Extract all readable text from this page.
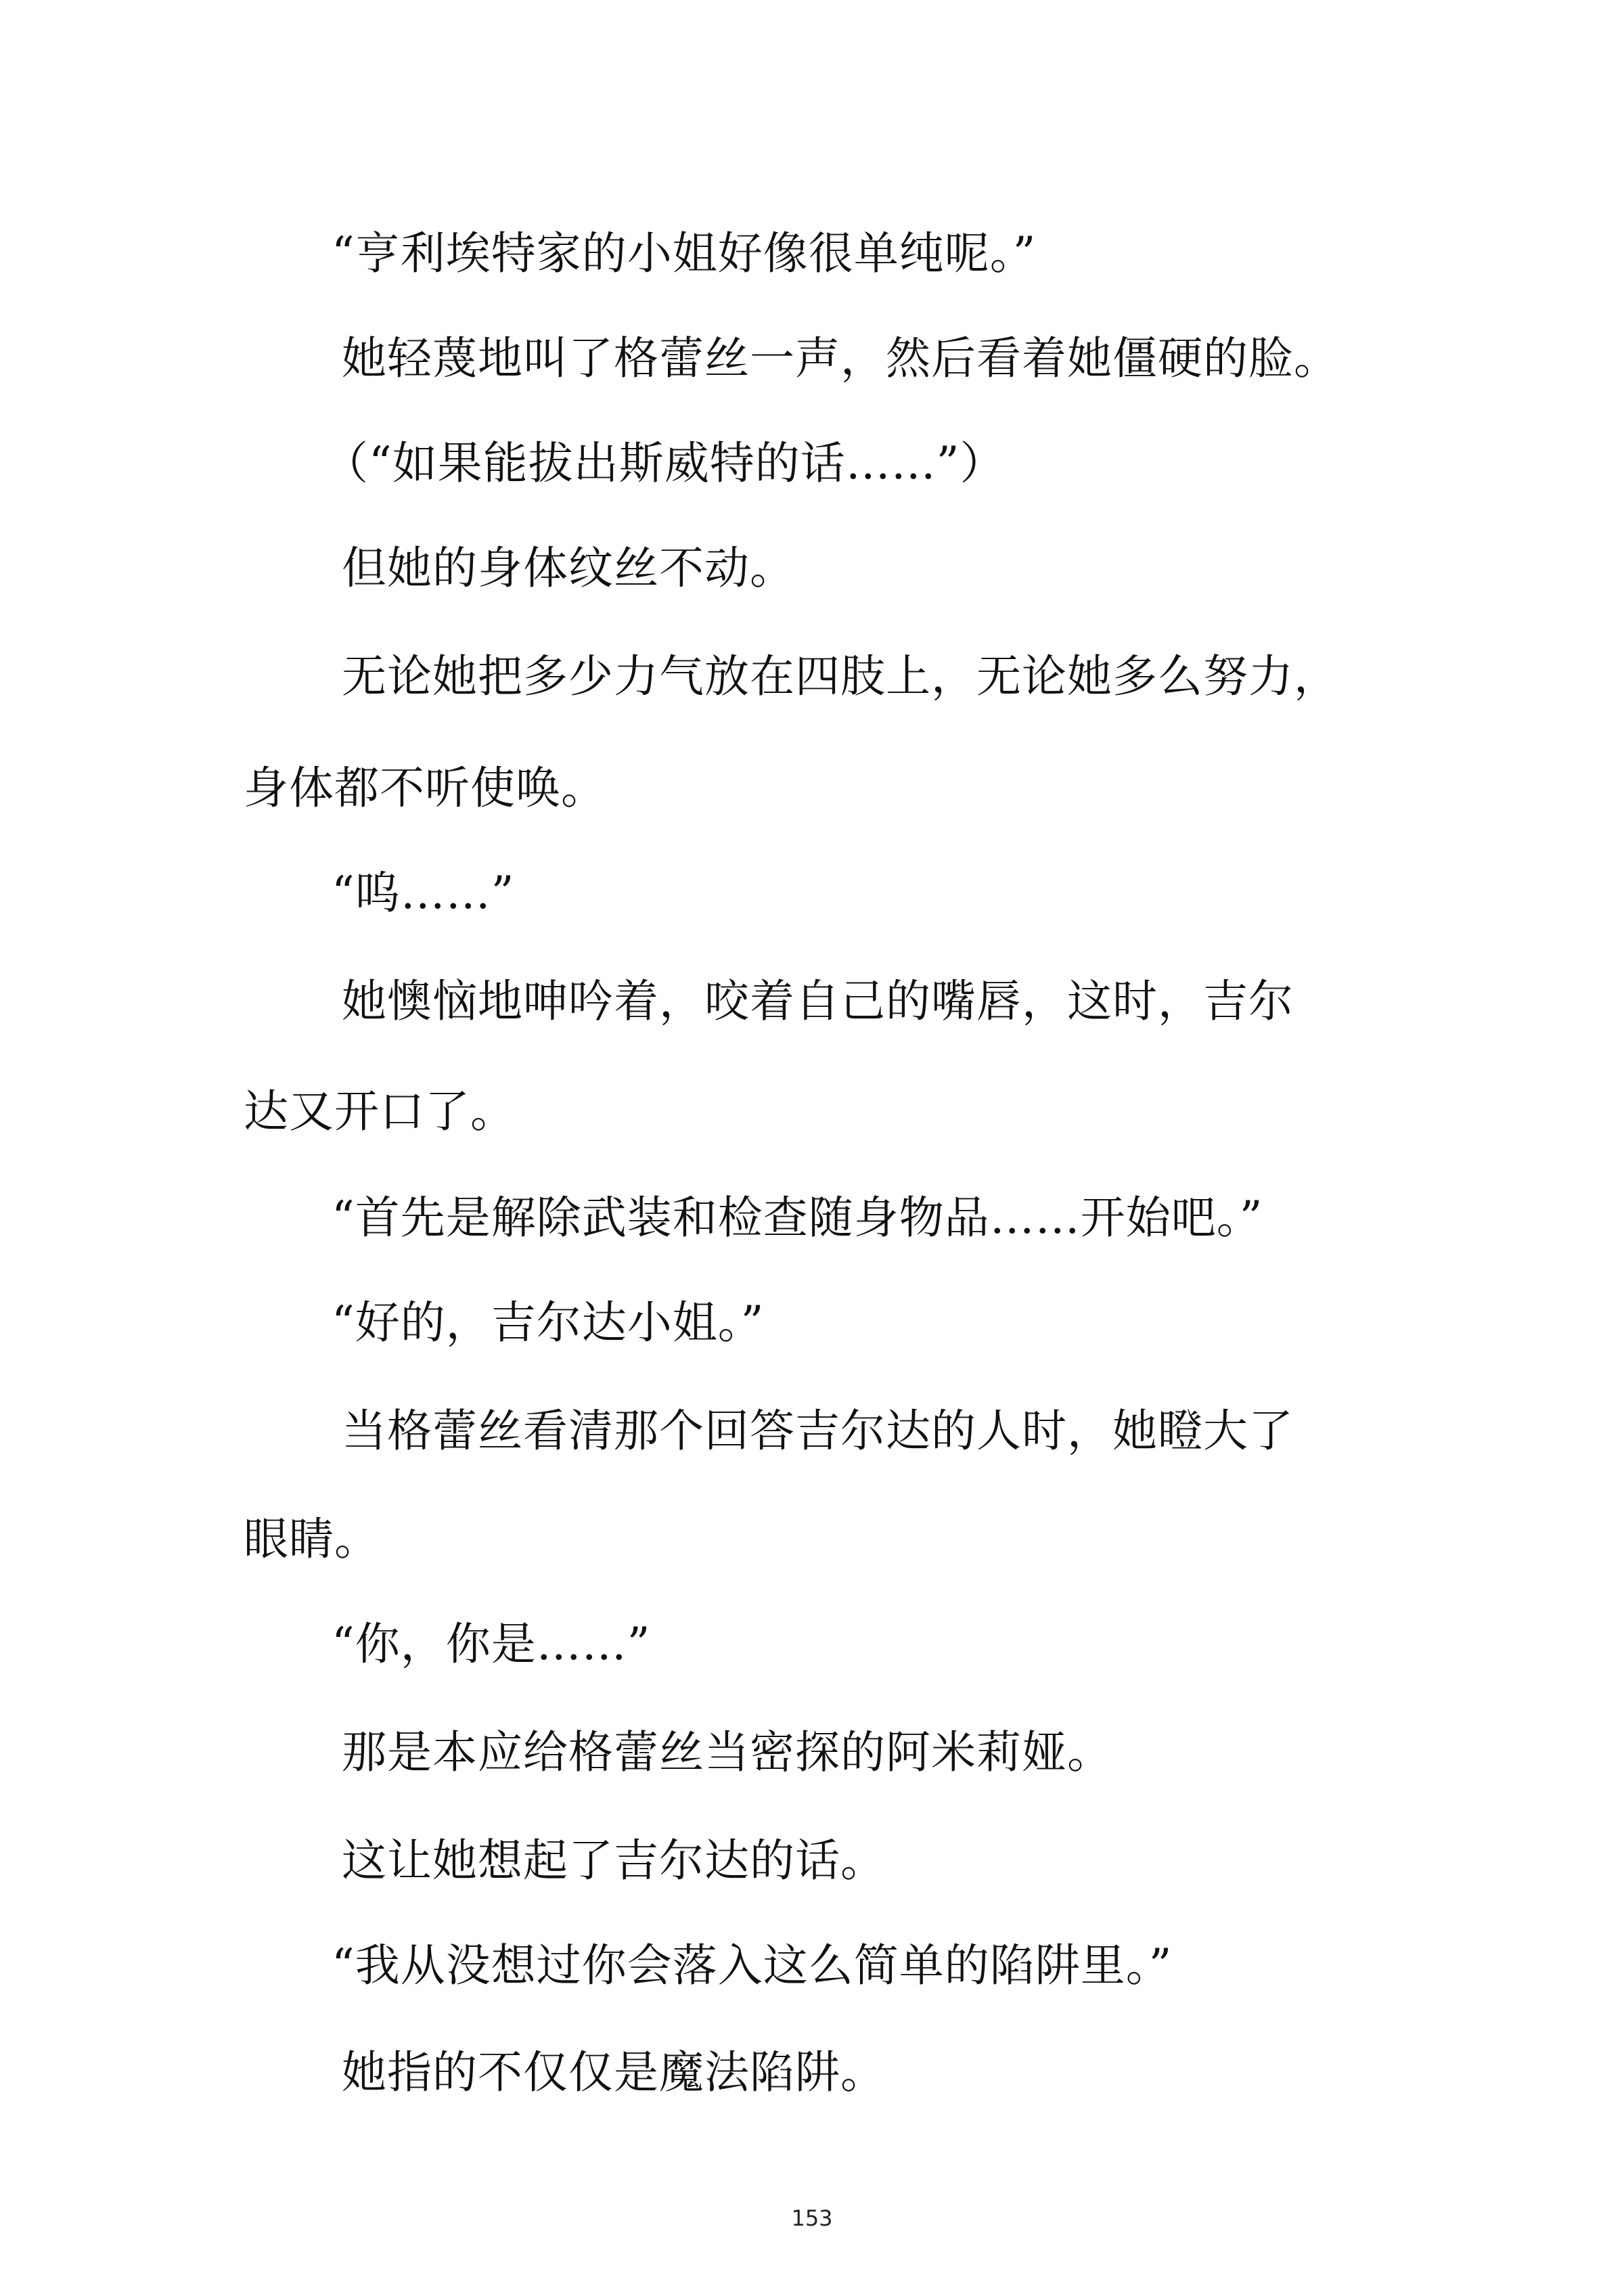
“亨利埃特家的小姐好像很单纯呢。”
她轻蔑地叫了格蕾丝一声，然后看着她僵硬的脸。
（“如果能拔出斯威特的话……”）
但她的身体纹丝不动。
无论她把多少力气放在四肢上，无论她多么努力，
身体都不听使唤。
“呜……”
她懊恼地呻吟着，咬着自己的嘴唇，这时，吉尔
达又开口了。
“首先是解除武装和检查随身物品……开始吧。”
“好的，吉尔达小姐。”
当格蕾丝看清那个回答吉尔达的人时，她瞪大了
眼睛。
“你，你是……”
那是本应给格蕾丝当密探的阿米莉娅。
这让她想起了吉尔达的话。
“我从没想过你会落入这么简单的陷阱里。”
她指的不仅仅是魔法陷阱。
153
